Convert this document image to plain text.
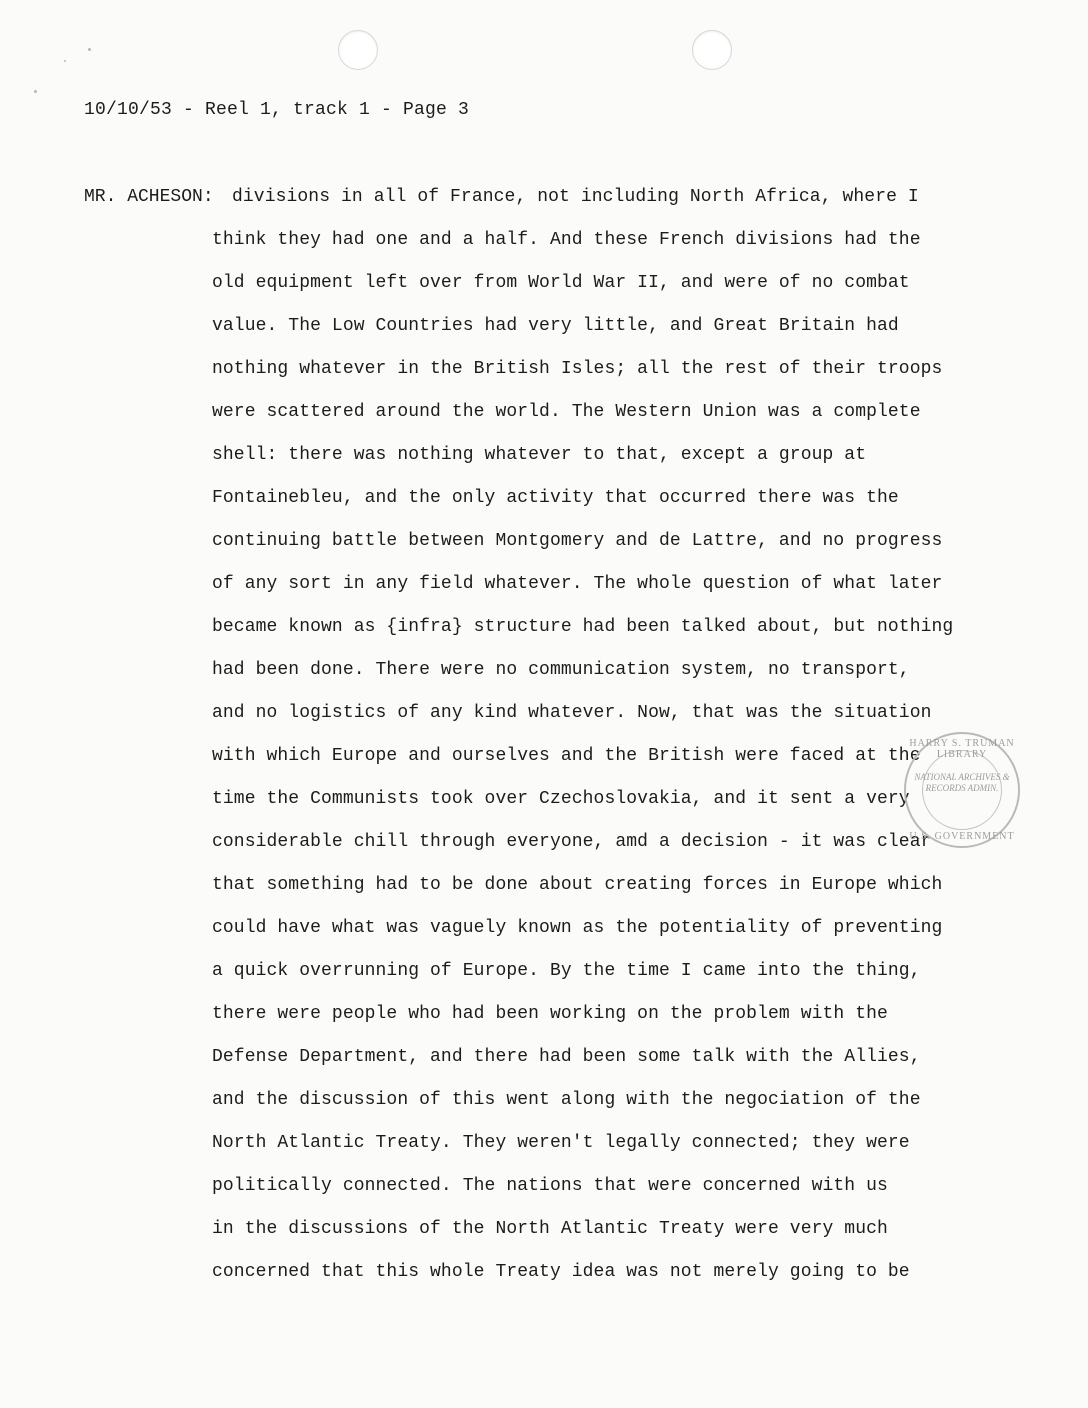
10/10/53 - Reel 1, track 1 - Page 3
MR. ACHESON: divisions in all of France, not including North Africa, where I
think they had one and a half. And these French divisions had the
old equipment left over from World War II, and were of no combat
value. The Low Countries had very little, and Great Britain had
nothing whatever in the British Isles; all the rest of their troops
were scattered around the world. The Western Union was a complete
shell: there was nothing whatever to that, except a group at
Fontainebleu, and the only activity that occurred there was the
continuing battle between Montgomery and de Lattre, and no progress
of any sort in any field whatever. The whole question of what later
became known as {infra} structure had been talked about, but nothing
had been done. There were no communication system, no transport,
and no logistics of any kind whatever. Now, that was the situation
with which Europe and ourselves and the British were faced at the
time the Communists took over Czechoslovakia, and it sent a very
considerable chill through everyone, amd a decision - it was clear
that something had to be done about creating forces in Europe which
could have what was vaguely known as the potentiality of preventing
a quick overrunning of Europe. By the time I came into the thing,
there were people who had been working on the problem with the
Defense Department, and there had been some talk with the Allies,
and the discussion of this went along with the negociation of the
North Atlantic Treaty. They weren't legally connected; they were
politically connected. The nations that were concerned with us
in the discussions of the North Atlantic Treaty were very much
concerned that this whole Treaty idea was not merely going to be
HARRY S. TRUMAN LIBRARY
NATIONAL ARCHIVES & RECORDS ADMIN.
U.S. GOVERNMENT
